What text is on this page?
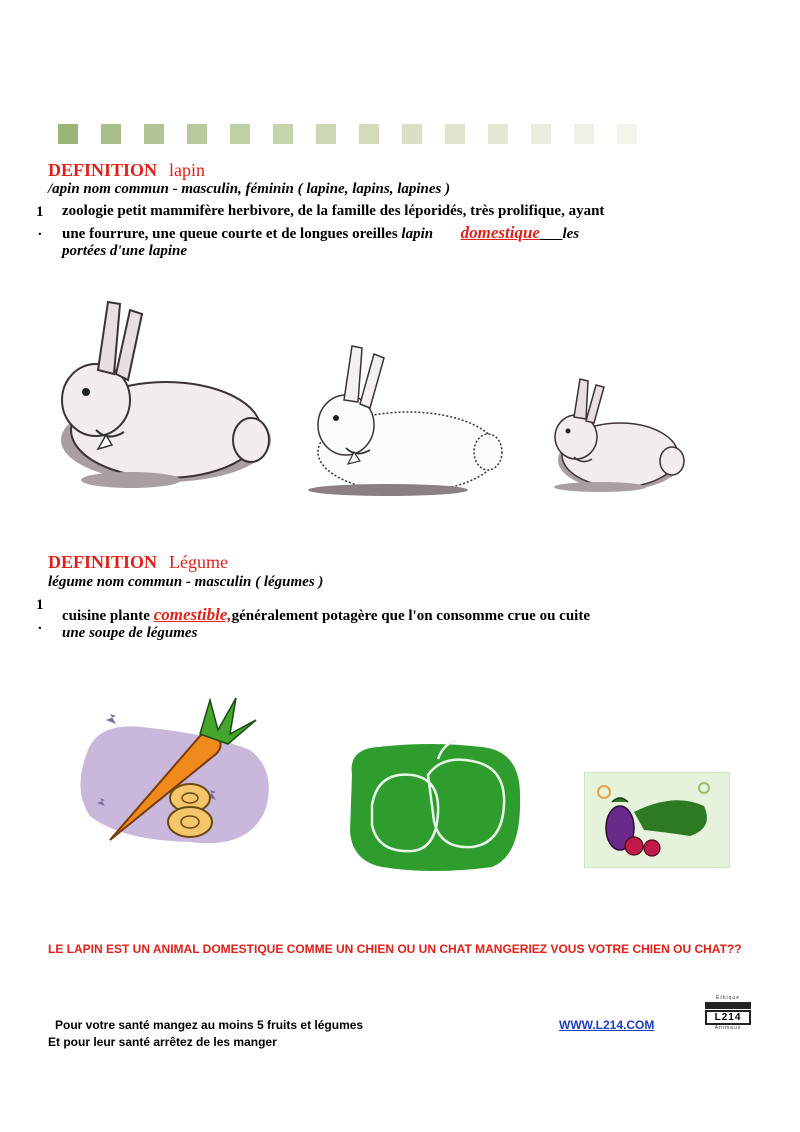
DEFINITION lapin
/apin nom commun - masculin, féminin ( lapine, lapins, lapines )
1
.
zoologie petit mammifère herbivore, de la famille des léporidés, très prolifique, ayant
une fourrure, une queue courte et de longues oreilles lapin domestique les
portées d'une lapine
DEFINITION Légume
légume nom commun - masculin ( légumes )
1
.
cuisine plante comestible,généralement potagère que l'on consomme crue ou cuite
une soupe de légumes
LE LAPIN EST UN ANIMAL DOMESTIQUE COMME UN CHIEN OU UN CHAT MANGERIEZ VOUS VOTRE CHIEN OU CHAT??
Pour votre santé mangez au moins 5 fruits et légumes	WWW.L214.COM
Et pour leur santé arrêtez de les manger
Ethique
L214
Animaux
